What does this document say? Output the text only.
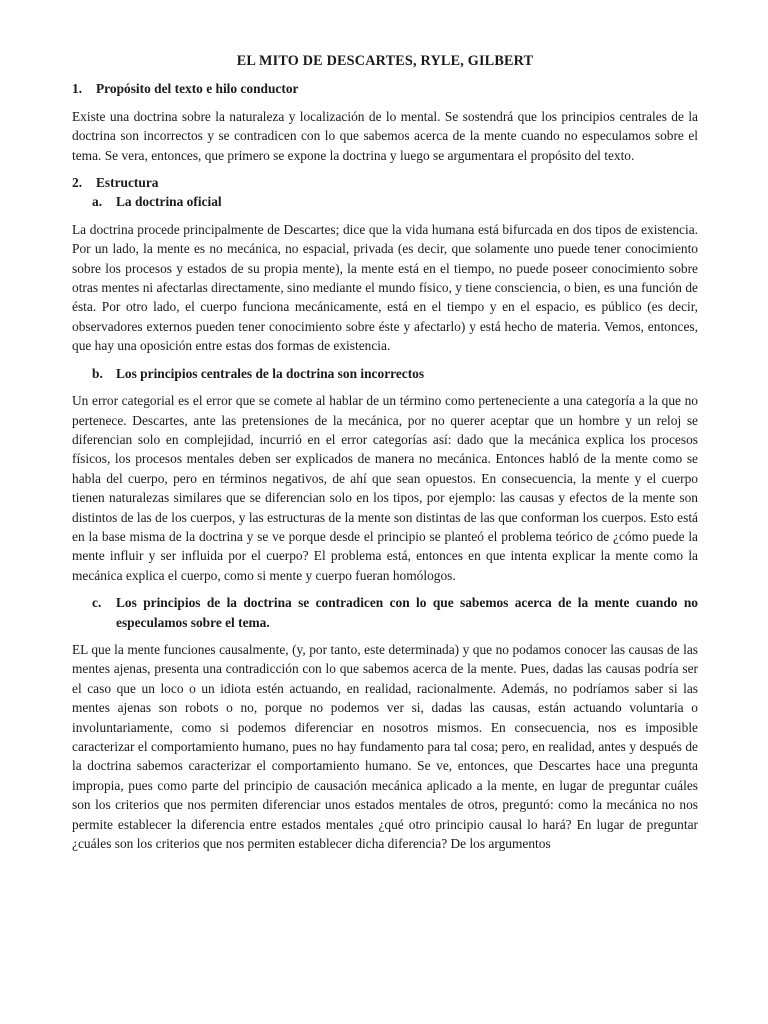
EL MITO DE DESCARTES, RYLE, GILBERT
1.	Propósito del texto e hilo conductor

Existe una doctrina sobre la naturaleza y localización de lo mental. Se sostendrá que los principios centrales de la doctrina son incorrectos y se contradicen con lo que sabemos acerca de la mente cuando no especulamos sobre el tema. Se vera, entonces, que primero se expone la doctrina y luego se argumentara el propósito del texto.

2.	Estructura
a.	La doctrina oficial

La doctrina procede principalmente de Descartes; dice que la vida humana está bifurcada en dos tipos de existencia. Por un lado, la mente es no mecánica, no espacial, privada (es decir, que solamente uno puede tener conocimiento sobre los procesos y estados de su propia mente), la mente está en el tiempo, no puede poseer conocimiento sobre otras mentes ni afectarlas directamente, sino mediante el mundo físico, y tiene consciencia, o bien, es una función de ésta. Por otro lado, el cuerpo funciona mecánicamente, está en el tiempo y en el espacio, es público (es decir, observadores externos pueden tener conocimiento sobre éste y afectarlo) y está hecho de materia. Vemos, entonces, que hay una oposición entre estas dos formas de existencia.

b. Los principios centrales de la doctrina son incorrectos

Un error categorial es el error que se comete al hablar de un término como perteneciente a una categoría a la que no pertenece. Descartes, ante las pretensiones de la mecánica, por no querer aceptar que un hombre y un reloj se diferencian solo en complejidad, incurrió en el error categorías así: dado que la mecánica explica los procesos físicos, los procesos mentales deben ser explicados de manera no mecánica. Entonces habló de la mente como se habla del cuerpo, pero en términos negativos, de ahí que sean opuestos. En consecuencia, la mente y el cuerpo tienen naturalezas similares que se diferencian solo en los tipos, por ejemplo: las causas y efectos de la mente son distintos de las de los cuerpos, y las estructuras de la mente son distintas de las que conforman los cuerpos. Esto está en la base misma de la doctrina y se ve porque desde el principio se planteó el problema teórico de ¿cómo puede la mente influir y ser influida por el cuerpo? El problema está, entonces en que intenta explicar la mente como la mecánica explica el cuerpo, como si mente y cuerpo fueran homólogos.

c.	Los principios de la doctrina se contradicen con lo que sabemos acerca de la mente cuando no especulamos sobre el tema.

EL que la mente funciones causalmente, (y, por tanto, este determinada) y que no podamos conocer las causas de las mentes ajenas, presenta una contradicción con lo que sabemos acerca de la mente. Pues, dadas las causas podría ser el caso que un loco o un idiota estén actuando, en realidad, racionalmente. Además, no podríamos saber si las mentes ajenas son robots o no, porque no podemos ver si, dadas las causas, están actuando voluntaria o involuntariamente, como si podemos diferenciar en nosotros mismos. En consecuencia, nos es imposible caracterizar el comportamiento humano, pues no hay fundamento para tal cosa; pero, en realidad, antes y después de la doctrina sabemos caracterizar el comportamiento humano. Se ve, entonces, que Descartes hace una pregunta impropia, pues como parte del principio de causación mecánica aplicado a la mente, en lugar de preguntar cuáles son los criterios que nos permiten diferenciar unos estados mentales de otros, preguntó: como la mecánica no nos permite establecer la diferencia entre estados mentales ¿qué otro principio causal lo hará? En lugar de preguntar ¿cuáles son los criterios que nos permiten establecer dicha diferencia? De los argumentos
